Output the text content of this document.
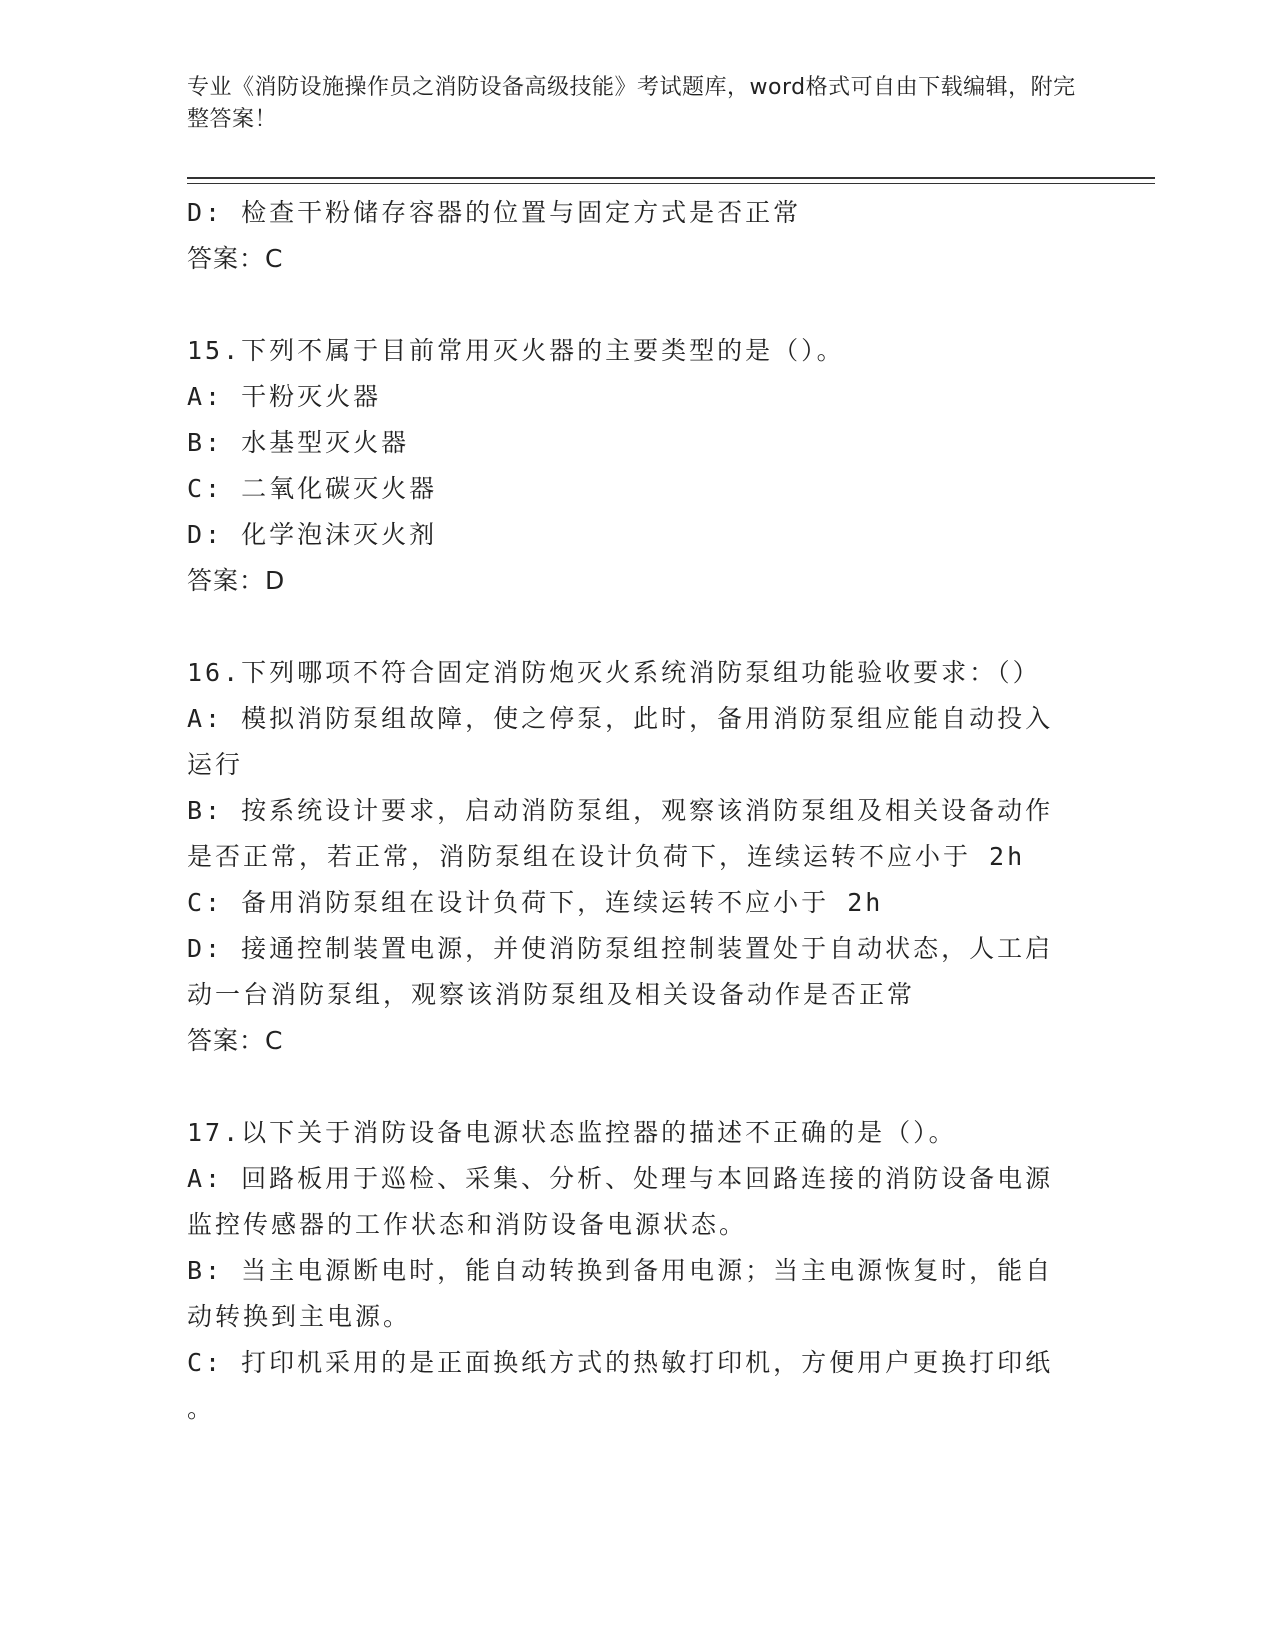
专业《消防设施操作员之消防设备高级技能》考试题库，word格式可自由下载编辑，附完整答案！

D: 检查干粉储存容器的位置与固定方式是否正常

答案：C

15.下列不属于目前常用灭火器的主要类型的是（）。

A: 干粉灭火器

B: 水基型灭火器

C: 二氧化碳灭火器

D: 化学泡沫灭火剂

答案：D

16.下列哪项不符合固定消防炮灭火系统消防泵组功能验收要求：（）

A: 模拟消防泵组故障，使之停泵，此时，备用消防泵组应能自动投入

运行

B: 按系统设计要求，启动消防泵组，观察该消防泵组及相关设备动作

是否正常，若正常，消防泵组在设计负荷下，连续运转不应小于 2h

C: 备用消防泵组在设计负荷下，连续运转不应小于 2h

D: 接通控制装置电源，并使消防泵组控制装置处于自动状态，人工启

动一台消防泵组，观察该消防泵组及相关设备动作是否正常

答案：C

17.以下关于消防设备电源状态监控器的描述不正确的是（）。

A: 回路板用于巡检、采集、分析、处理与本回路连接的消防设备电源

监控传感器的工作状态和消防设备电源状态。

B: 当主电源断电时，能自动转换到备用电源；当主电源恢复时，能自

动转换到主电源。

C: 打印机采用的是正面换纸方式的热敏打印机，方便用户更换打印纸

。
